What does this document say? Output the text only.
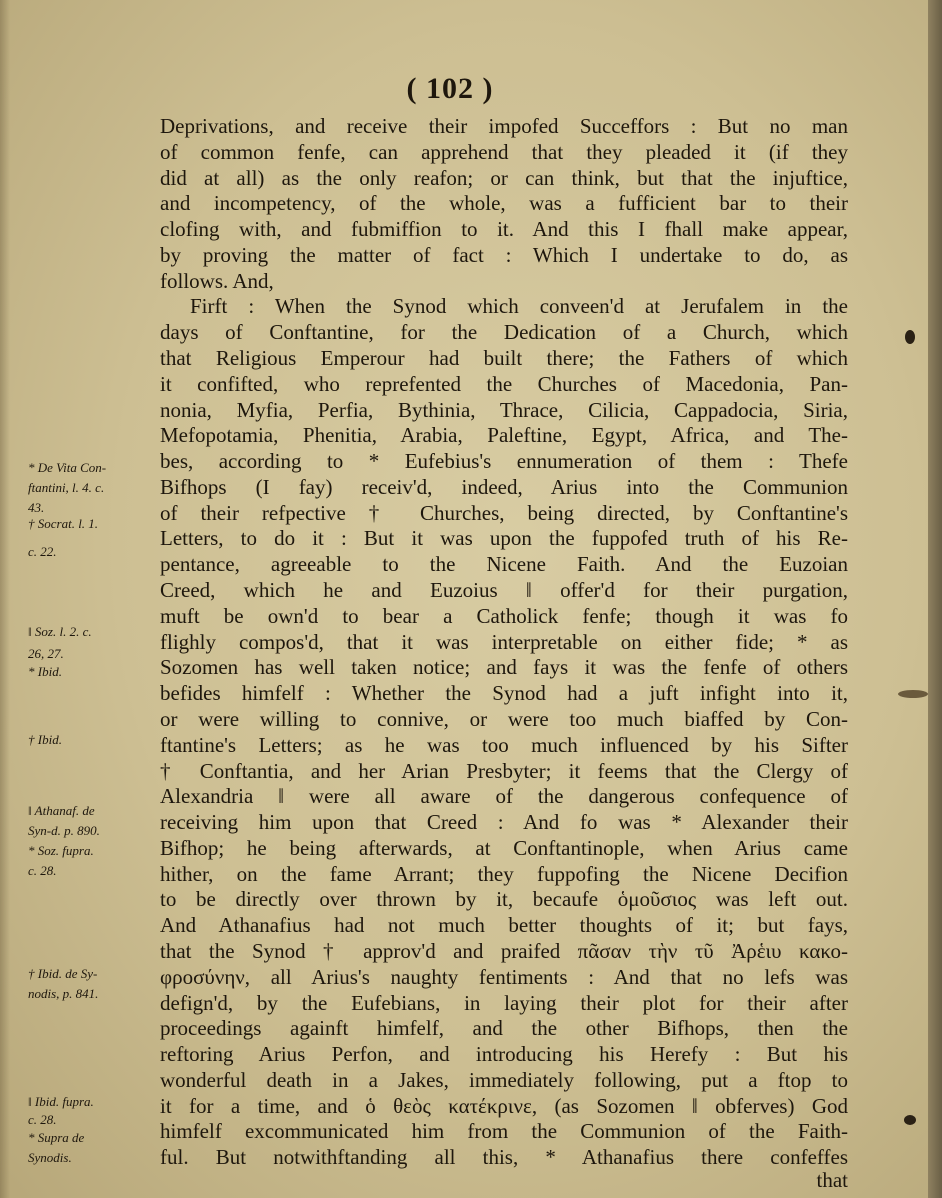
( 102 )
Deprivations, and receive their impofed Succeffors : But no man
of common fenfe, can apprehend that they pleaded it (if they
did at all) as the only reafon; or can think, but that the injuftice,
and incompetency, of the whole, was a fufficient bar to their
clofing with, and fubmiffion to it. And this I fhall make appear,
by proving the matter of fact : Which I undertake to do, as
follows. And,
Firft : When the Synod which conveen'd at Jerufalem in the
days of Conftantine, for the Dedication of a Church, which
that Religious Emperour had built there; the Fathers of which
it confifted, who reprefented the Churches of Macedonia, Pan-
nonia, Myfia, Perfia, Bythinia, Thrace, Cilicia, Cappadocia, Siria,
Mefopotamia, Phenitia, Arabia, Paleftine, Egypt, Africa, and The-
bes, according to * Eufebius's ennumeration of them : Thefe
Bifhops (I fay) receiv'd, indeed, Arius into the Communion
of their refpective † Churches, being directed, by Conftantine's
Letters, to do it : But it was upon the fuppofed truth of his Re-
pentance, agreeable to the Nicene Faith. And the Euzoian
Creed, which he and Euzoius ‖ offer'd for their purgation,
muft be own'd to bear a Catholick fenfe; though it was fo
flighly compos'd, that it was interpretable on either fide; * as
Sozomen has well taken notice; and fays it was the fenfe of others
befides himfelf : Whether the Synod had a juft infight into it,
or were willing to connive, or were too much biaffed by Con-
ftantine's Letters; as he was too much influenced by his Sifter
† Conftantia, and her Arian Presbyter; it feems that the Clergy of
Alexandria ‖ were all aware of the dangerous confequence of
receiving him upon that Creed : And fo was * Alexander their
Bifhop; he being afterwards, at Conftantinople, when Arius came
hither, on the fame Arrant; they fuppofing the Nicene Decifion
to be directly over thrown by it, becaufe ὁμοῦσιος was left out.
And Athanafius had not much better thoughts of it; but fays,
that the Synod † approv'd and praifed πᾶσαν τὴν τῦ Ἀρἑιυ κακο-
φροσύνην, all Arius's naughty fentiments : And that no lefs was
defign'd, by the Eufebians, in laying their plot for their after
proceedings againft himfelf, and the other Bifhops, then the
reftoring Arius Perfon, and introducing his Herefy : But his
wonderful death in a Jakes, immediately following, put a ftop to
it for a time, and ὁ θεὸς κατέκρινε, (as Sozomen ‖ obferves) God
himfelf excommunicated him from the Communion of the Faith-
ful. But notwithftanding all this, * Athanafius there confeffes
* De Vita Con-
ftantini, l. 4. c.
43.
† Socrat. l. 1.
c. 22.
‖ Soz. l. 2. c.
26, 27.
* Ibid.
† Ibid.
‖ Athanaf. de
Syn-d. p. 890.
* Soz. fupra.
c. 28.
† Ibid. de Sy-
nodis, p. 841.
‖ Ibid. fupra.
c. 28.
* Supra de
Synodis.
that
